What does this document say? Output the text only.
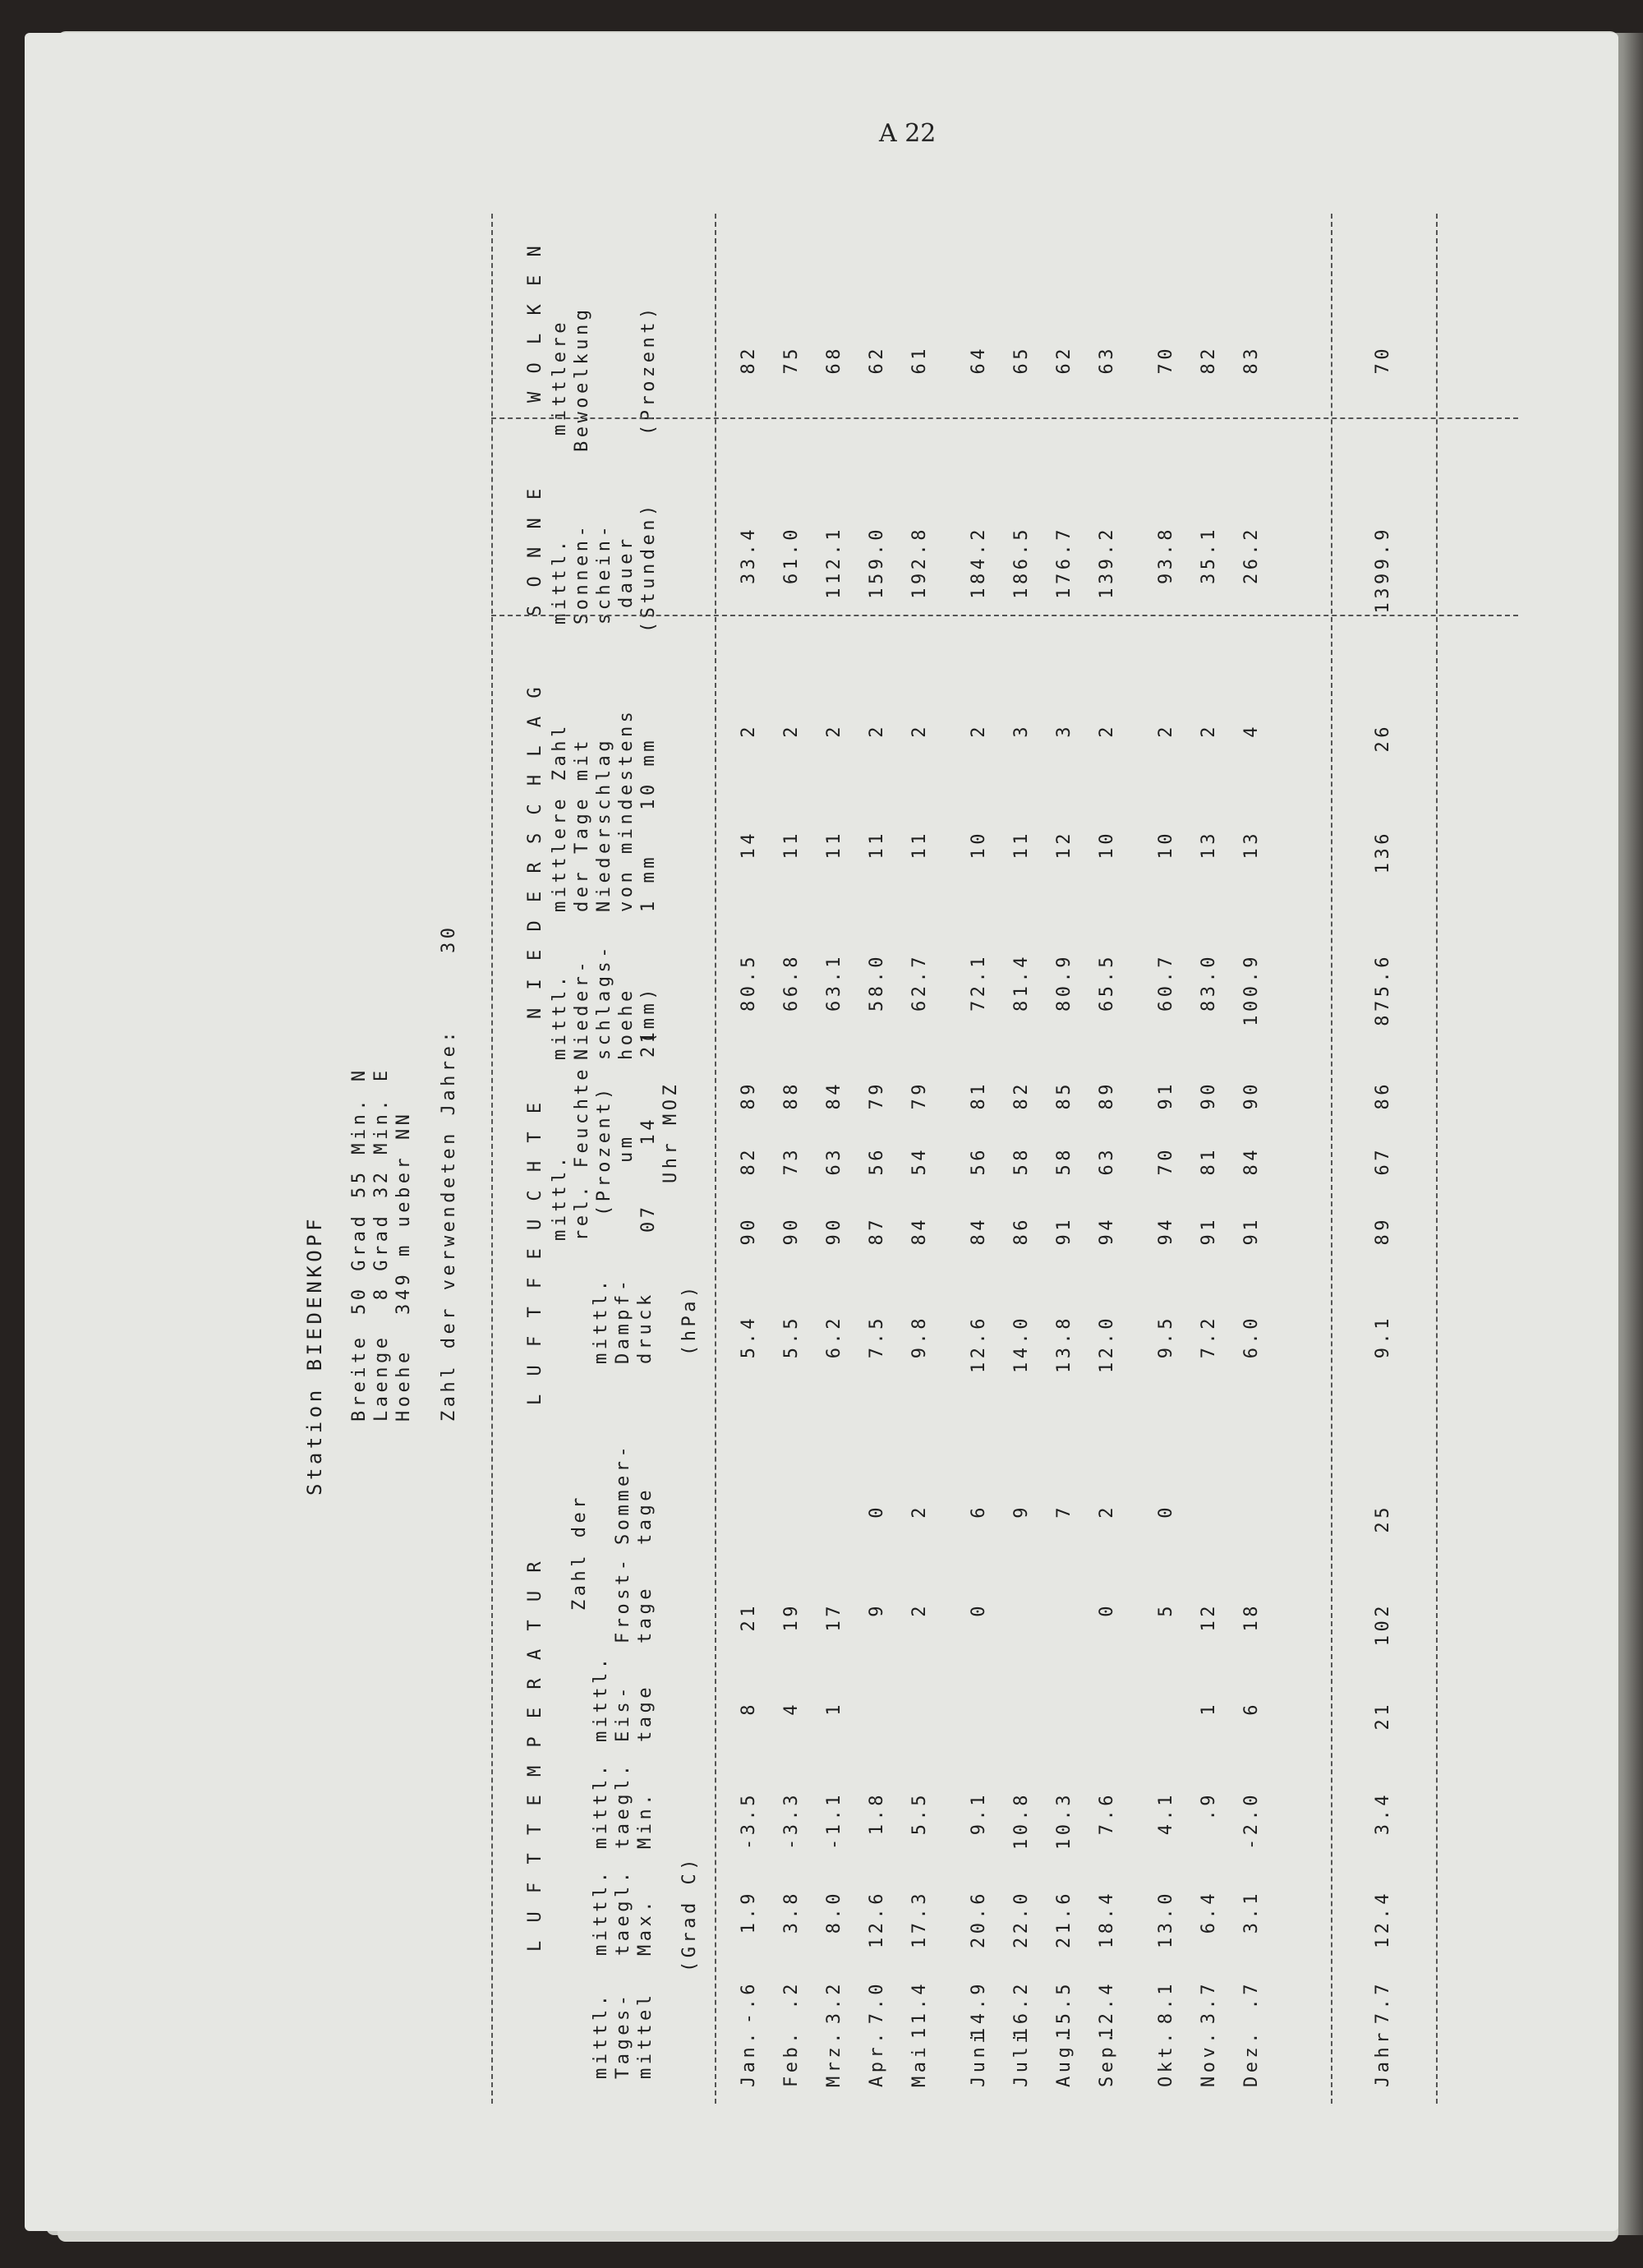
A 22
Station BIEDENKOPF Breite
50 Grad 55 Min. N
Laenge
8 Grad 32 Min. E
Hoehe
349 m ueber NN Zahl der verwendeten Jahre:
30
L U F T T E M P E R A T U R
L U F T F E U C H T E
N I E D E R S C H L A G
S O N N E
W O L K E N
mittl. Nieder- schlags- hoehe (mm)
mittlere Zahl der Tage mit Niederschlag von mindestens 1 mm   10 mm
mittl. Sonnen- schein- dauer (Stunden)
mittlere Bewoelkung	(Prozent)
mittl. Tages- mittel
mittl. taegl. Max.
mittl. taegl. Min.
(Grad C)
Zahl der
mittl. Eis- tage
Frost- tage
Sommer- tage
mittl. Dampf- druck (hPa)
mittl. rel. Feuchte (Prozent) um 07    14    21 Uhr MOZ
Jan.
-.6
1.9
-3.5
8
21
5.4
90
82
89
80.5
14
2
33.4
82
Feb.
.2
3.8
-3.3
4
19
5.5
90
73
88
66.8
11
2
61.0
75
Mrz.
3.2
8.0
-1.1
1
17
6.2
90
63
84
63.1
11
2
112.1
68
Apr.
7.0
12.6
1.8
9
0
7.5
87
56
79
58.0
11
2
159.0
62
Mai
11.4
17.3
5.5
2
2
9.8
84
54
79
62.7
11
2
192.8
61
Juni
14.9
20.6
9.1
0
6
12.6
84
56
81
72.1
10
2
184.2
64
Juli
16.2
22.0
10.8
9
14.0
86
58
82
81.4
11
3
186.5
65
Aug.
15.5
21.6
10.3
7
13.8
91
58
85
80.9
12
3
176.7
62
Sep.
12.4
18.4
7.6
0
2
12.0
94
63
89
65.5
10
2
139.2
63
Okt.
8.1
13.0
4.1
5
0
9.5
94
70
91
60.7
10
2
93.8
70
Nov.
3.7
6.4
.9
1
12
7.2
91
81
90
83.0
13
2
35.1
82
Dez.
.7
3.1
-2.0
6
18
6.0
91
84
90
100.9
13
4
26.2
83
Jahr
7.7
12.4
3.4
21
102
25
9.1
89
67
86
875.6
136
26
1399.9
70
